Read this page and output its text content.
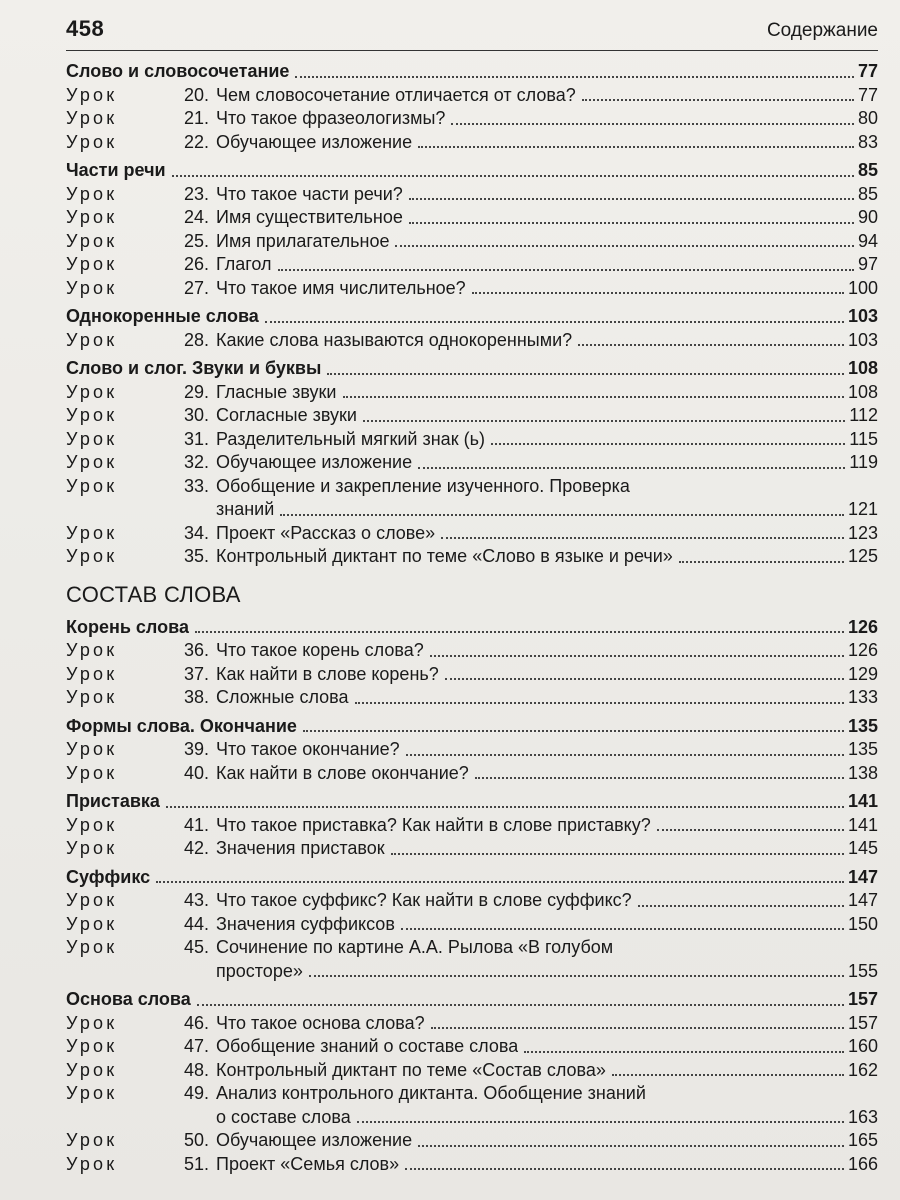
458	Содержание
Слово и словосочетание	77
Урок	20. Чем словосочетание отличается от слова?	77
Урок	21. Что такое фразеологизмы?	80
Урок	22. Обучающее изложение	83
Части речи	85
Урок	23. Что такое части речи?	85
Урок	24. Имя существительное	90
Урок	25. Имя прилагательное	94
Урок	26. Глагол	97
Урок	27. Что такое имя числительное?	100
Однокоренные слова	103
Урок	28. Какие слова называются однокоренными?	103
Слово и слог. Звуки и буквы	108
Урок	29. Гласные звуки	108
Урок	30. Согласные звуки	112
Урок	31. Разделительный мягкий знак (ь)	115
Урок	32. Обучающее изложение	119
Урок	33. Обобщение и закрепление изученного. Проверка
знаний	121
Урок	34. Проект «Рассказ о слове»	123
Урок	35. Контрольный диктант по теме «Слово в языке и речи»	125
СОСТАВ СЛОВА
Корень слова	126
Урок	36. Что такое корень слова?	126
Урок	37. Как найти в слове корень?	129
Урок	38. Сложные слова	133
Формы слова. Окончание	135
Урок	39. Что такое окончание?	135
Урок	40. Как найти в слове окончание?	138
Приставка	141
Урок	41. Что такое приставка? Как найти в слове приставку?	141
Урок	42. Значения приставок	145
Суффикс	147
Урок	43. Что такое суффикс? Как найти в слове суффикс?	147
Урок	44. Значения суффиксов	150
Урок	45. Сочинение по картине А.А. Рылова «В голубом
просторе»	155
Основа слова	157
Урок	46. Что такое основа слова?	157
Урок	47. Обобщение знаний о составе слова	160
Урок	48. Контрольный диктант по теме «Состав слова»	162
Урок	49. Анализ контрольного диктанта. Обобщение знаний
о составе слова	163
Урок	50. Обучающее изложение	165
Урок	51. Проект «Семья слов»	166
